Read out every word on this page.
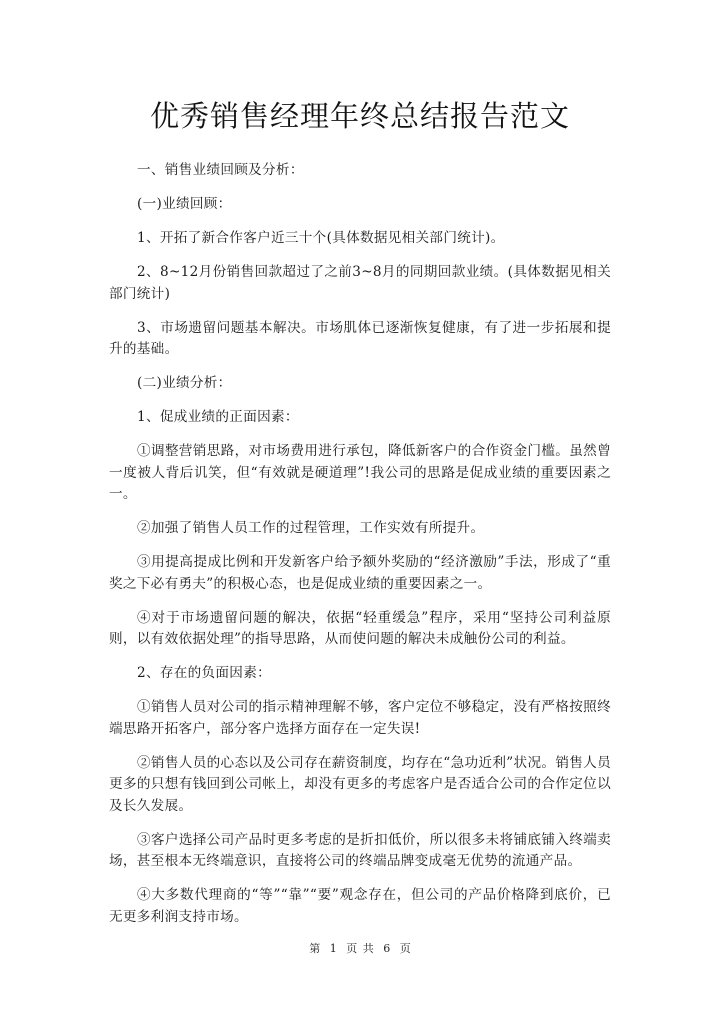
优秀销售经理年终总结报告范文

一、销售业绩回顾及分析：

(一)业绩回顾：

1、开拓了新合作客户近三十个(具体数据见相关部门统计)。

2、8~12月份销售回款超过了之前3~8月的同期回款业绩。(具体数据见相关部门统计)

3、市场遗留问题基本解决。市场肌体已逐渐恢复健康，有了进一步拓展和提升的基础。

(二)业绩分析：

1、促成业绩的正面因素：

①调整营销思路，对市场费用进行承包，降低新客户的合作资金门槛。虽然曾一度被人背后讥笑，但“有效就是硬道理”!我公司的思路是促成业绩的重要因素之一。

②加强了销售人员工作的过程管理，工作实效有所提升。

③用提高提成比例和开发新客户给予额外奖励的“经济激励”手法，形成了“重奖之下必有勇夫”的积极心态，也是促成业绩的重要因素之一。

④对于市场遗留问题的解决，依据“轻重缓急”程序，采用“坚持公司利益原则，以有效依据处理”的指导思路，从而使问题的解决未成触份公司的利益。

2、存在的负面因素：

①销售人员对公司的指示精神理解不够，客户定位不够稳定，没有严格按照终端思路开拓客户，部分客户选择方面存在一定失误!

②销售人员的心态以及公司存在薪资制度，均存在“急功近利”状况。销售人员更多的只想有钱回到公司帐上，却没有更多的考虑客户是否适合公司的合作定位以及长久发展。

③客户选择公司产品时更多考虑的是折扣低价，所以很多未将铺底铺入终端卖场，甚至根本无终端意识，直接将公司的终端品牌变成毫无优势的流通产品。

④大多数代理商的“等”“靠”“要”观念存在，但公司的产品价格降到底价，已无更多利润支持市场。

第 1 页 共 6 页
